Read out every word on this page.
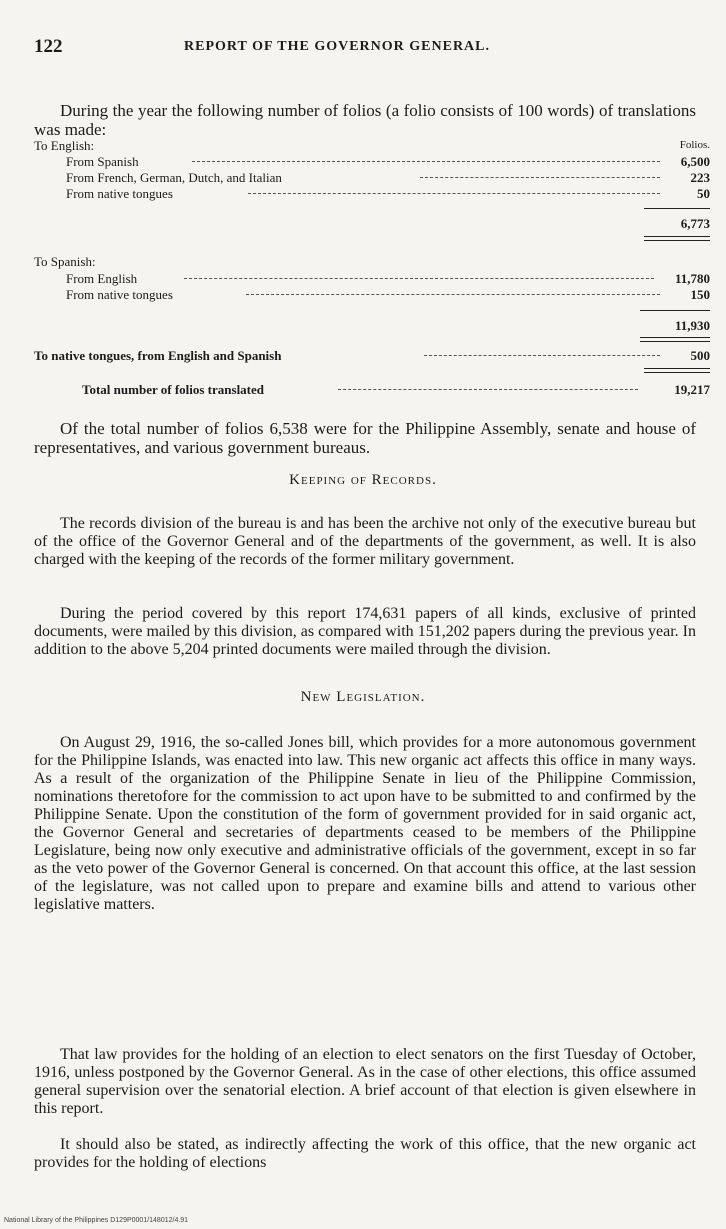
122	REPORT OF THE GOVERNOR GENERAL.

During the year the following number of folios (a folio consists of 100 words) of translations was made:

To English:	Folios.
From Spanish	6,500
From French, German, Dutch, and Italian	223
From native tongues	50
6,773
To Spanish:
From English	11,780
From native tongues	150
11,930
To native tongues, from English and Spanish	500
Total number of folios translated	19,217

Of the total number of folios 6,538 were for the Philippine Assembly, senate and house of representatives, and various government bureaus.

Keeping of Records.

The records division of the bureau is and has been the archive not only of the executive bureau but of the office of the Governor General and of the departments of the government, as well. It is also charged with the keeping of the records of the former military government.

During the period covered by this report 174,631 papers of all kinds, exclusive of printed documents, were mailed by this division, as compared with 151,202 papers during the previous year. In addition to the above 5,204 printed documents were mailed through the division.

New Legislation.

On August 29, 1916, the so-called Jones bill, which provides for a more autonomous government for the Philippine Islands, was enacted into law. This new organic act affects this office in many ways. As a result of the organization of the Philippine Senate in lieu of the Philippine Commission, nominations theretofore for the commission to act upon have to be submitted to and confirmed by the Philippine Senate. Upon the constitution of the form of government provided for in said organic act, the Governor General and secretaries of departments ceased to be members of the Philippine Legislature, being now only executive and administrative officials of the government, except in so far as the veto power of the Governor General is concerned. On that account this office, at the last session of the legislature, was not called upon to prepare and examine bills and attend to various other legislative matters.

That law provides for the holding of an election to elect senators on the first Tuesday of October, 1916, unless postponed by the Governor General. As in the case of other elections, this office assumed general supervision over the senatorial election. A brief account of that election is given elsewhere in this report.

It should also be stated, as indirectly affecting the work of this office, that the new organic act provides for the holding of elections

National Library of the Philippines D129P0001/148012/4.91
